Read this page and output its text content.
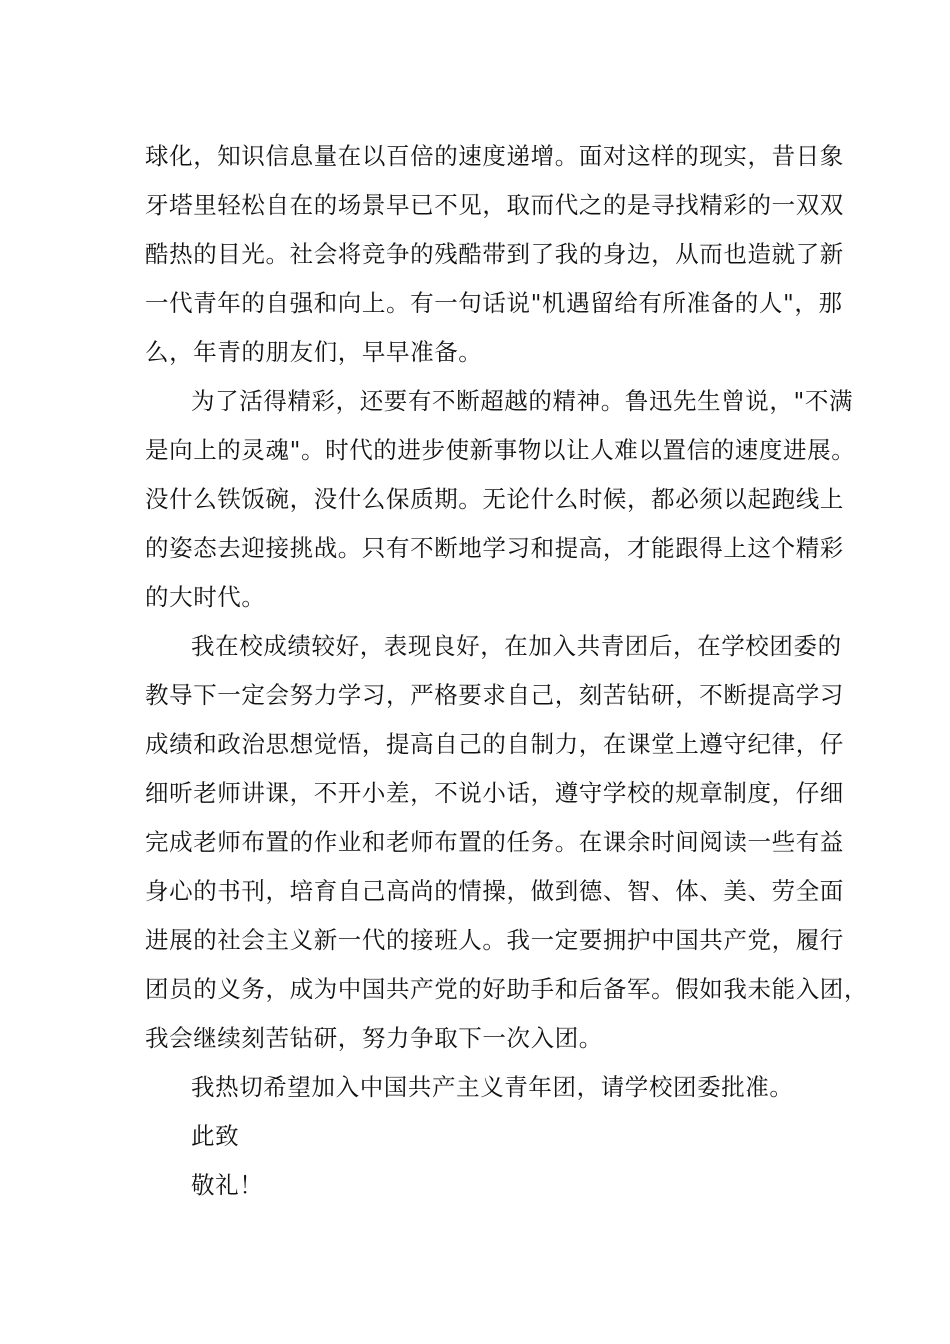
球化，知识信息量在以百倍的速度递增。面对这样的现实，昔日象
牙塔里轻松自在的场景早已不见，取而代之的是寻找精彩的一双双
酷热的目光。社会将竞争的残酷带到了我的身边，从而也造就了新
一代青年的自强和向上。有一句话说"机遇留给有所准备的人"，那
么，年青的朋友们，早早准备。
为了活得精彩，还要有不断超越的精神。鲁迅先生曾说，"不满
是向上的灵魂"。时代的进步使新事物以让人难以置信的速度进展。
没什么铁饭碗，没什么保质期。无论什么时候，都必须以起跑线上
的姿态去迎接挑战。只有不断地学习和提高，才能跟得上这个精彩
的大时代。
我在校成绩较好，表现良好，在加入共青团后，在学校团委的
教导下一定会努力学习，严格要求自己，刻苦钻研，不断提高学习
成绩和政治思想觉悟，提高自己的自制力，在课堂上遵守纪律，仔
细听老师讲课，不开小差，不说小话，遵守学校的规章制度，仔细
完成老师布置的作业和老师布置的任务。在课余时间阅读一些有益
身心的书刊，培育自己高尚的情操，做到德、智、体、美、劳全面
进展的社会主义新一代的接班人。我一定要拥护中国共产党，履行
团员的义务，成为中国共产党的好助手和后备军。假如我未能入团，
我会继续刻苦钻研，努力争取下一次入团。
我热切希望加入中国共产主义青年团，请学校团委批准。
此致
敬礼！
